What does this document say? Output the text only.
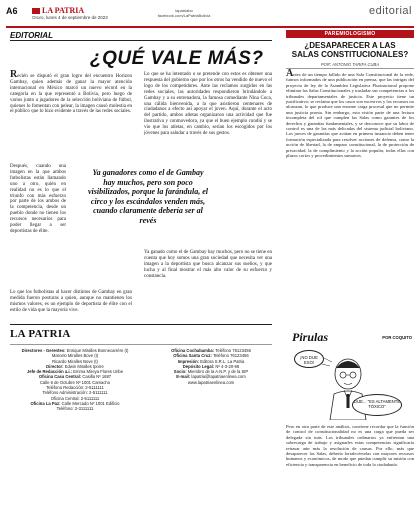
A6	LA PATRIA
Oruro, lunes 4 de septiembre de 2023
lapatriabo
facebook.com/LaPatriaBolivia	editorial
EDITORIAL
¿QUÉ VALE MÁS?
Recién se disputó el gran logro del encuentro Horizon Gambay, quien además de ganar la mayor atención internacional en México marcó un nuevo récord en la categoría en la que representó a Bolivia, pero luego de varios junto a jugadores de la selección boliviana de fútbol, quienes lo fomentan con pelear, la imagen causó molestia en el público que lo hizo evidente a través de las redes sociales.
Lo que se ha intentado o se pretende con estos es obtener una respuesta del gobierno que por los otros ha vendido de nuevo el logo de los competidores. Ante las reclamos surgidos en las redes sociales, las autoridades respondieron brindándole a Gambay y a su entrenadora, la famosa comediante Nina Coca, una cálida bienvenida, a la que asistieron centenares de ciudadanos a efecto así apoyar el joven. Aquí, durante el acto del partido, ambos atletas organizaron una actividad que fue ilustrativa y conmovedora, ya que el buen ejemplo cundió y se vio que los atletas, en cambio, serían los escogidos por los jóvenes para saludar a través de sus gestos.
Después, cuando una imagen en la que ambos futbolistas están llamando uno a otro, quién en realidad no es lo que el triunfo con más esfuerzo por parte de los ambos de la competencia, desde un pueblo donde no tienen los recursos necesarios para poder llegar a ser deportistas de élite.
Ya ganadores como el de Gambay hay muchos, pero son poco visibilizados, porque la farándula, el circo y los escándalos venden más, cuando claramente debería ser al revés
Lo que los futbolistas al hacer distintos de Gambay en gran medida fueron posturas a quien, aunque no mantienen los mismos valores, es un ejemplo de deportista de élite con el estilo de vida que la mayoría vive.
Ya ganado como el de Gambay hay muchos, pero no se tiene en cuenta que hoy somos una gran sociedad que necesita ver una imagen a la deportista que busca alcanzar sus sueños, y que lucha y al final mostrar el más alto valor de su esfuerzo y constancia.
LA PATRIA
Directores - Gerentes: Enrique Miralles Bonnecarrère (t)
Marcelo Miralles Bove (t)
Ricardo Miralles Bove (t)
Director: Edwin Miralles Iporre
Jefe de Redacción a.i.: Emma Mireya Flores Uribe
Oficina Casa Central: Casilla Nº 1687
Calle 6 de Octubre Nº 1001 Camacho
Teléfono Redacción: 2-5111111
Teléfono Administración: 2-5111111
Oficina Central: 2-5111111
Oficina La Paz: Calle Mercado Nº 1001 Edificio
Teléfono: 2-3111111
Oficina Cochabamba: Teléfono 76123456
Oficina Santa Cruz: Teléfono 76123456
Impresión: Editora S.R.L. La Patria
Depósito Legal: Nº 4-3-20-96
Socio: Miembro de la A.N.P. y de la SIP
E-mail: lapatria@lapatriaenlinea.com
www.lapatriaenlinea.com
PAREMIOLOGISMO
¿DESAPARECER A LAS SALAS CONSTITUCIONALES?
POR: ANTONIO TARIFA CUBA
Antes de un tiempo fallido de una Sala Constitucional de la sede, fuimos informados de una publicación en prensa, que las intrigas del proyecto de ley de la Asamblea Legislativa Plurinacional propone eliminar las Salas Constitucionales y trasladar sus competencias a los tribunales departamentales de justicia. Este proyecto tiene un justificativo; se reclama que los casos son excesivos y los recursos no alcanzan, lo que produce una enorme carga procesal que no permite una justicia pronta. Sin embargo, esta visión parte de una lectura incompleta del rol que cumplen las Salas como garantes de los derechos y garantías fundamentales, y se desconoce que su labor de control es una de las más delicadas del sistema judicial boliviano. Los jueces de garantías que actúan en primera instancia deben tener formación especializada para resolver acciones de defensa, como la acción de libertad, la de amparo constitucional, la de protección de privacidad, la de cumplimiento y la acción popular, todas ellas con plazos cortos y procedimientos sumarios.
Pirulas	POR COQUITO
¡NO DIJE ESO!
DIJE... "ES ALTAMENTE TÓXICO"
Pero en otra parte de este análisis, conviene recordar que la función de control de constitucionalidad no es una carga que pueda ser delegada sin más. Los tribunales ordinarios ya enfrentan una sobrecarga de trabajo y asignarles estas competencias significaría retrasar aún más la resolución de causas. Por ello, más que desaparecer las Salas, debería fortalecérselas con mayores recursos humanos y económicos, de modo que puedan cumplir su misión con eficiencia y transparencia en beneficio de toda la ciudadanía.
